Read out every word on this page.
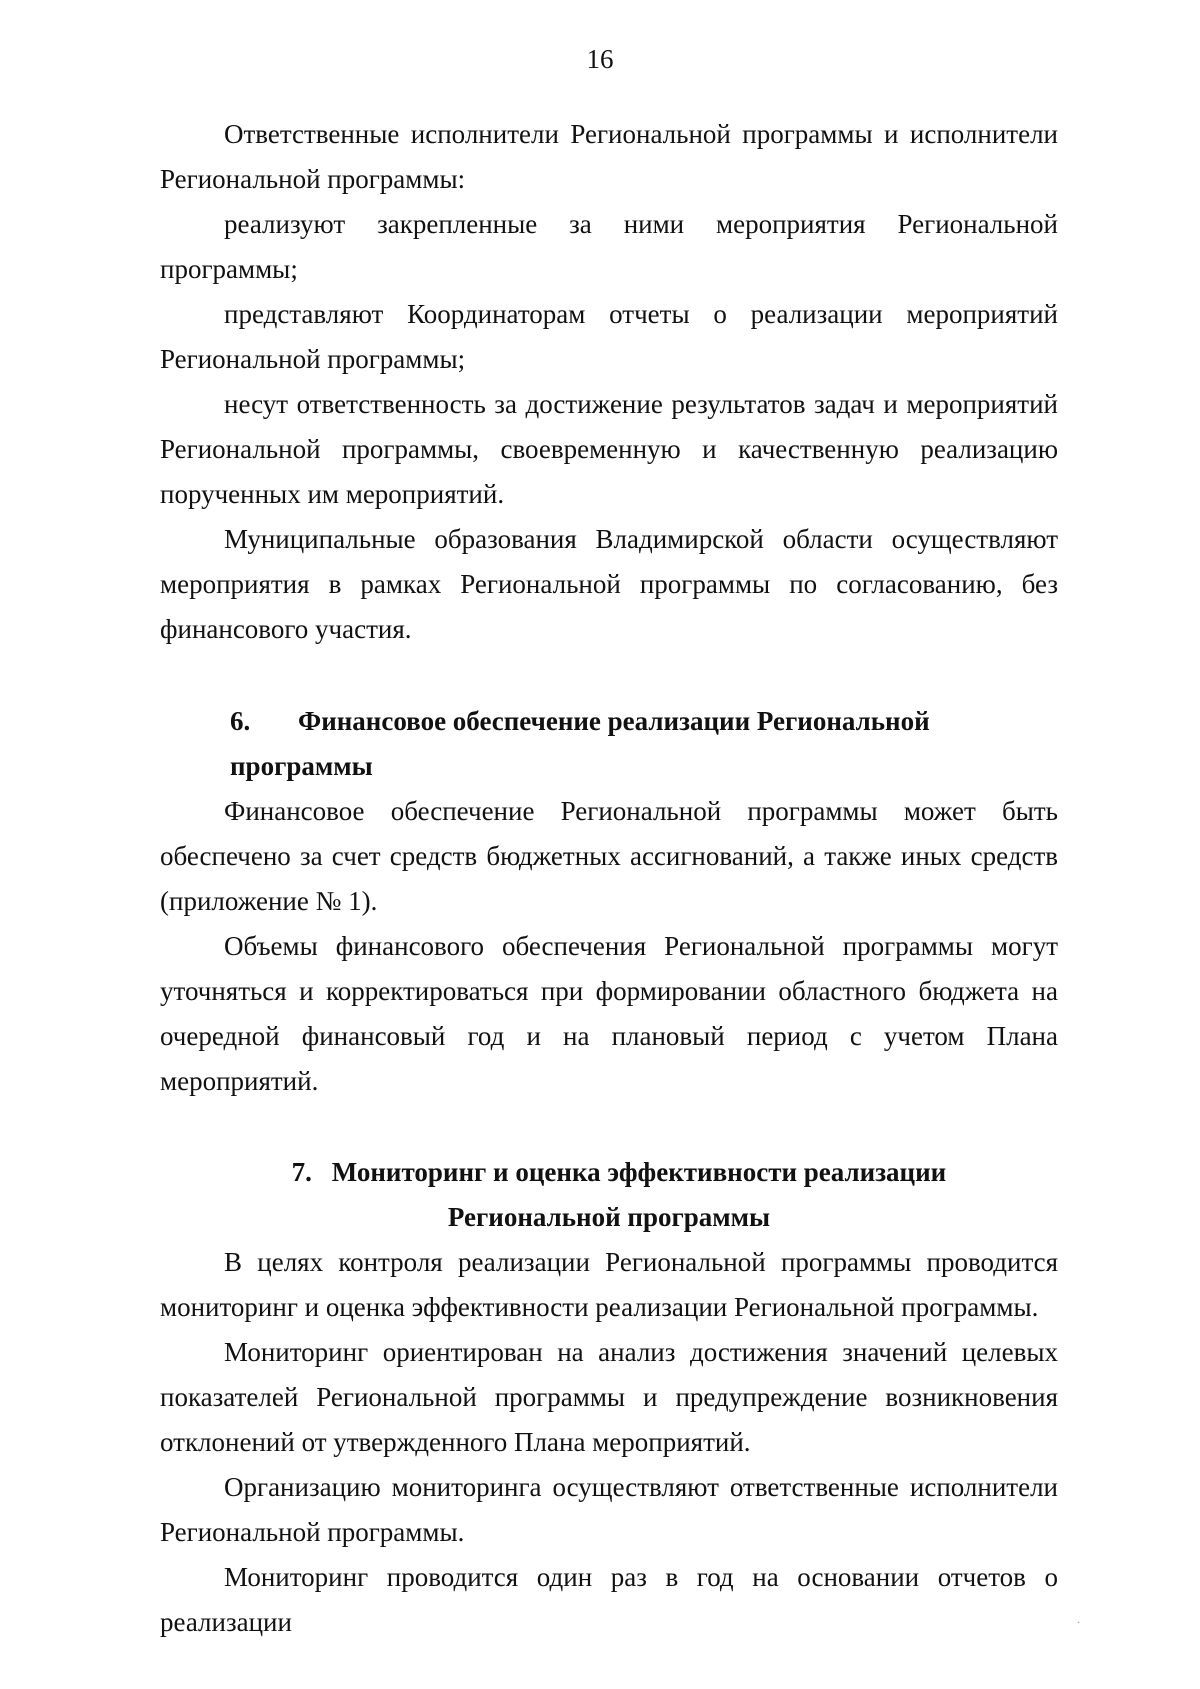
16

Ответственные исполнители Региональной программы и исполнители Региональной программы:

реализуют закрепленные за ними мероприятия Региональной программы;

представляют Координаторам отчеты о реализации мероприятий Региональной программы;

несут ответственность за достижение результатов задач и мероприятий Региональной программы, своевременную и качественную реализацию порученных им мероприятий.

Муниципальные образования Владимирской области осуществляют мероприятия в рамках Региональной программы по согласованию, без финансового участия.

6. Финансовое обеспечение реализации Региональной программы

Финансовое обеспечение Региональной программы может быть обеспечено за счет средств бюджетных ассигнований, а также иных средств (приложение № 1).

Объемы финансового обеспечения Региональной программы могут уточняться и корректироваться при формировании областного бюджета на очередной финансовый год и на плановый период с учетом Плана мероприятий.

7. Мониторинг и оценка эффективности реализации
Региональной программы

В целях контроля реализации Региональной программы проводится мониторинг и оценка эффективности реализации Региональной программы.

Мониторинг ориентирован на анализ достижения значений целевых показателей Региональной программы и предупреждение возникновения отклонений от утвержденного Плана мероприятий.

Организацию мониторинга осуществляют ответственные исполнители Региональной программы.

Мониторинг проводится один раз в год на основании отчетов о реализации	.
